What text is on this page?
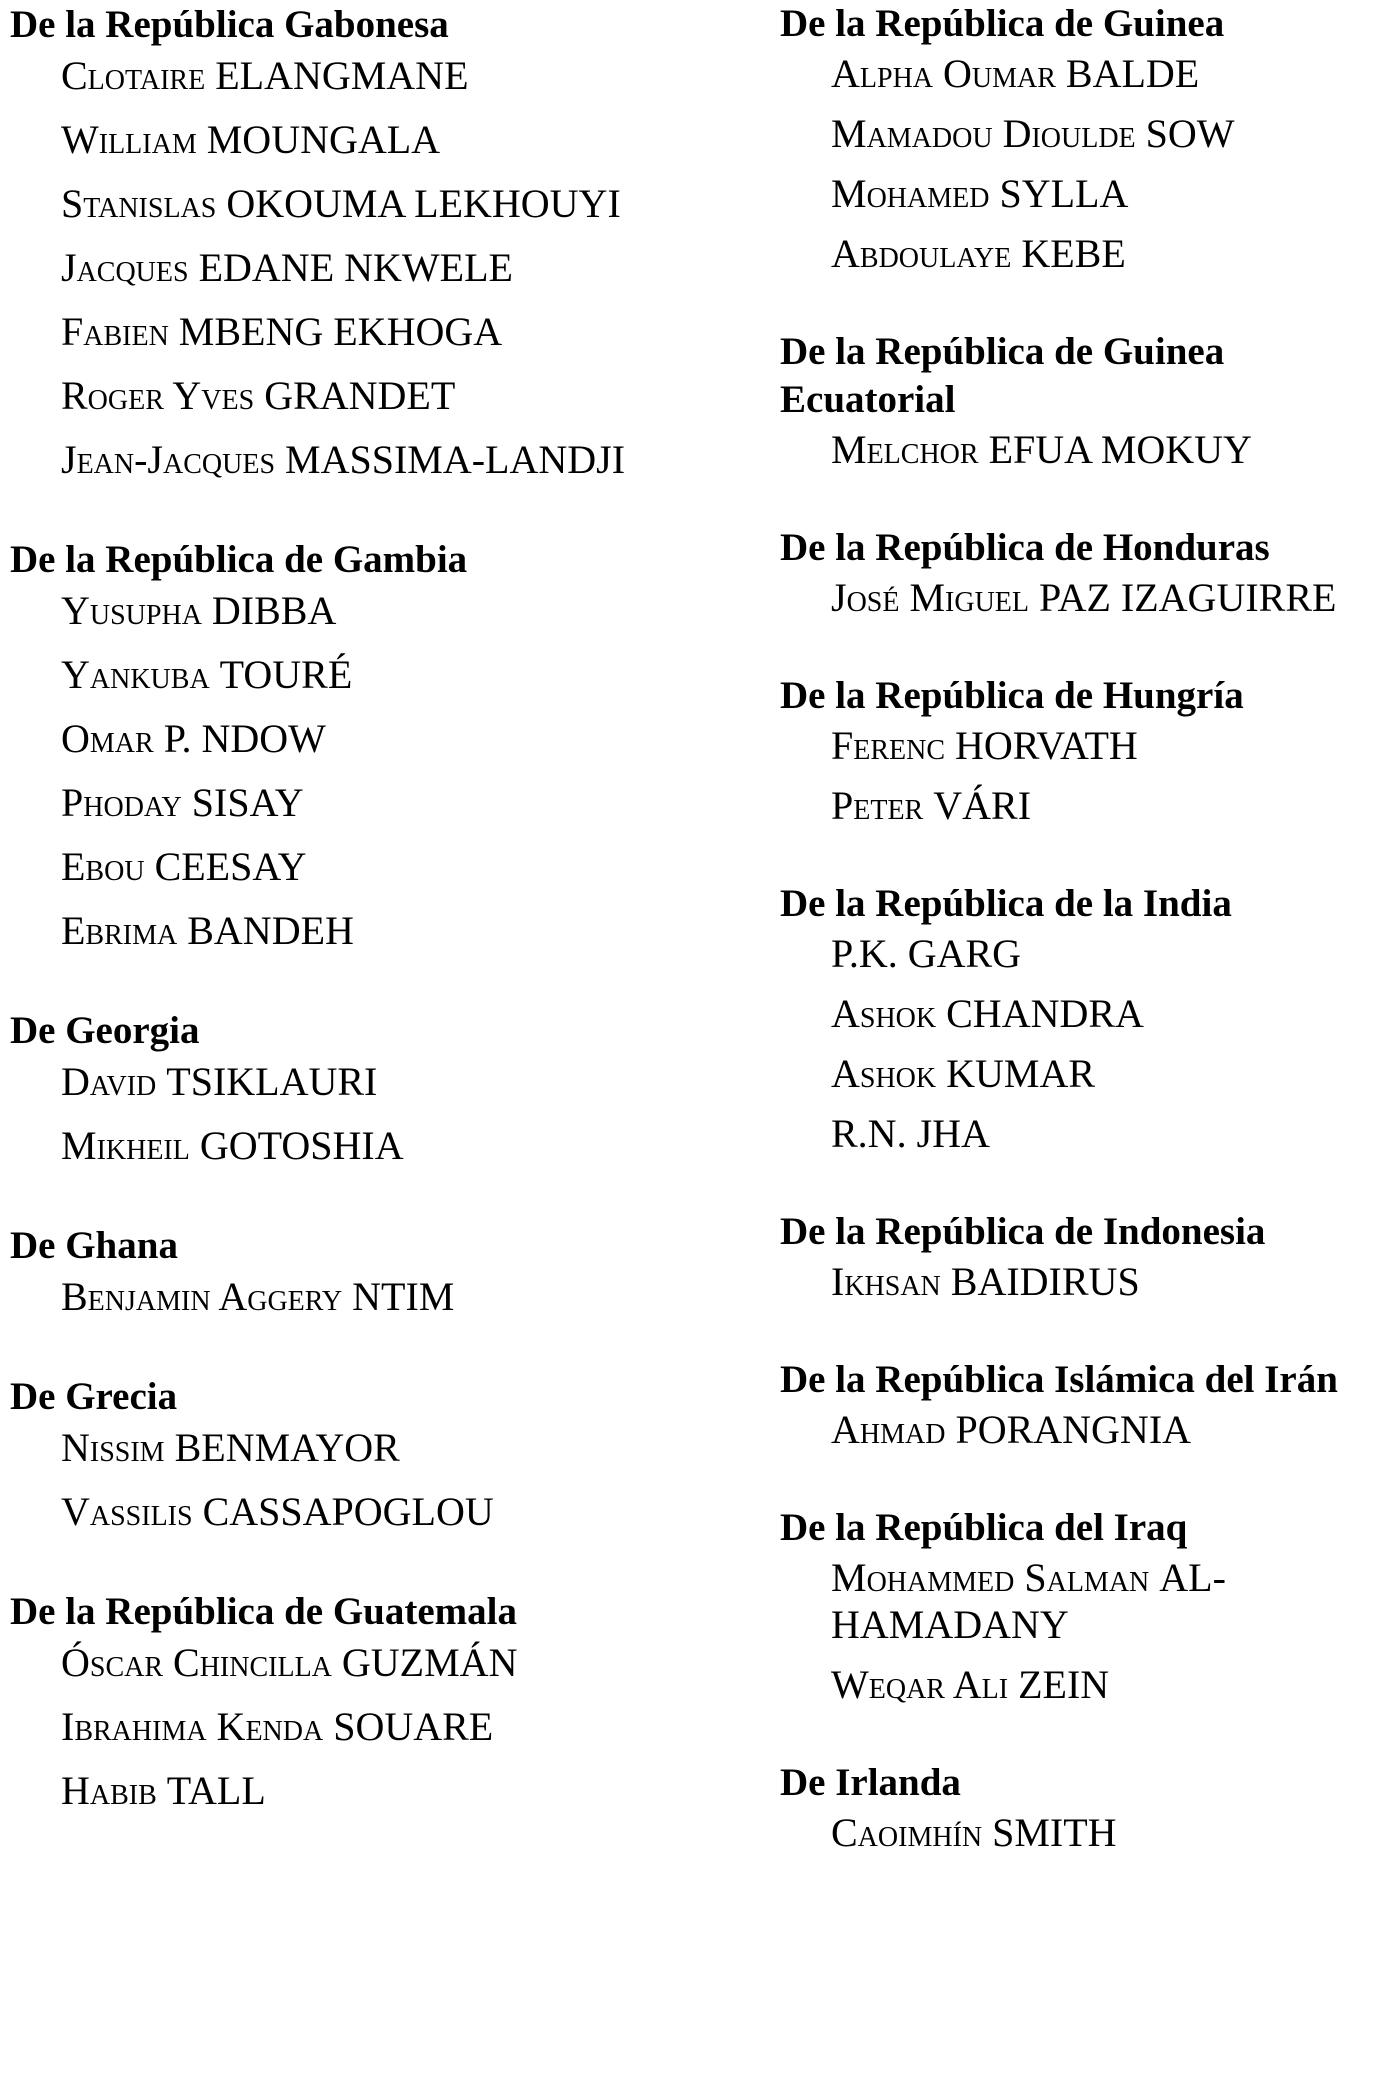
De la República Gabonesa
Clotaire ELANGMANE
William MOUNGALA
Stanislas OKOUMA LEKHOUYI
Jacques EDANE NKWELE
Fabien MBENG EKHOGA
Roger Yves GRANDET
Jean-Jacques MASSIMA-LANDJI
De la República de Gambia
Yusupha DIBBA
Yankuba TOURÉ
Omar P. NDOW
Phoday SISAY
Ebou CEESAY
Ebrima BANDEH
De Georgia
David TSIKLAURI
Mikheil GOTOSHIA
De Ghana
Benjamin Aggery NTIM
De Grecia
Nissim BENMAYOR
Vassilis CASSAPOGLOU
De la República de Guatemala
Óscar Chincilla GUZMÁN
Ibrahima Kenda SOUARE
Habib TALL
De la República de Guinea
Alpha Oumar BALDE
Mamadou Dioulde SOW
Mohamed SYLLA
Abdoulaye KEBE
De la República de Guinea Ecuatorial
Melchor EFUA MOKUY
De la República de Honduras
José Miguel PAZ IZAGUIRRE
De la República de Hungría
Ferenc HORVATH
Peter VÁRI
De la República de la India
P.K. GARG
Ashok CHANDRA
Ashok KUMAR
R.N. JHA
De la República de Indonesia
Ikhsan BAIDIRUS
De la República Islámica del Irán
Ahmad PORANGNIA
De la República del Iraq
Mohammed Salman AL-HAMADANY
Weqar Ali ZEIN
De Irlanda
Caoimhín SMITH
